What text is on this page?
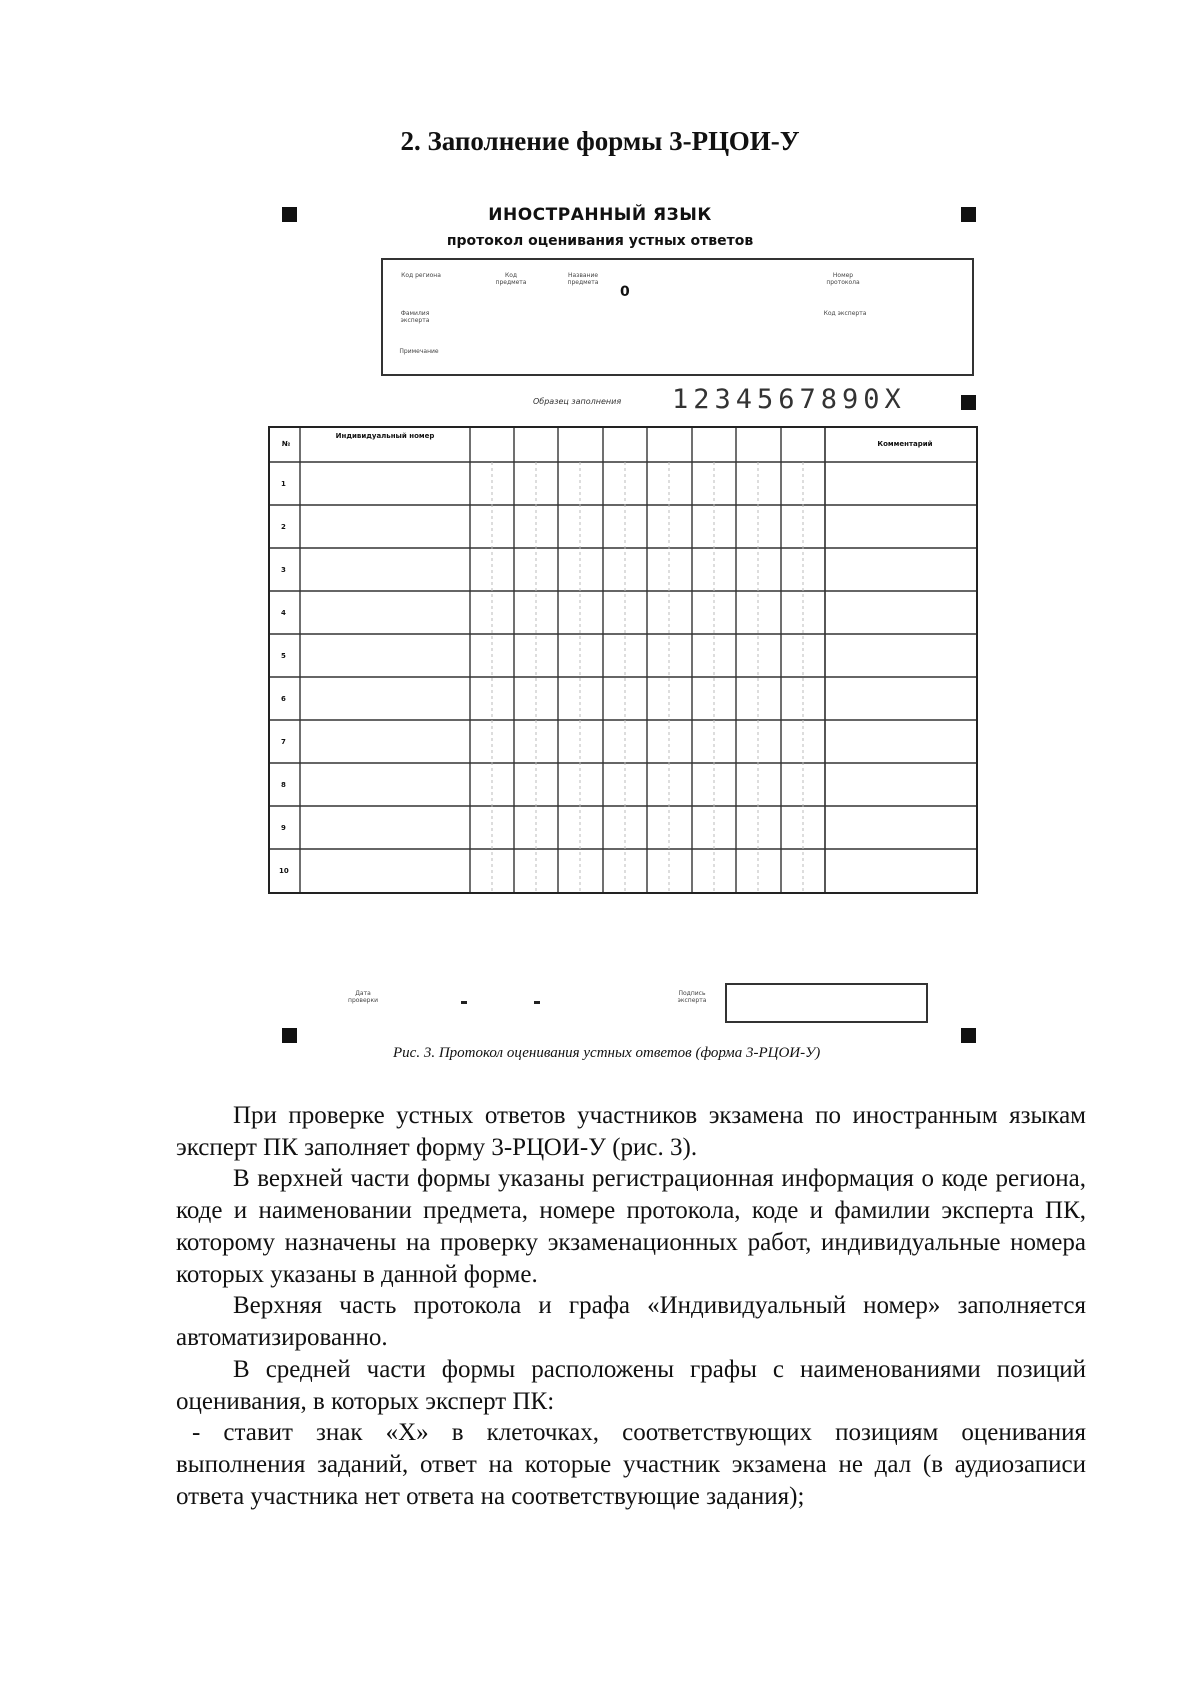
2. Заполнение формы 3-РЦОИ-У
ИНОСТРАННЫЙ ЯЗЫК
протокол оценивания устных ответов
Код региона	Код предмета
Название предмета
0
Номер протокола
Фамилия эксперта
Код эксперта
Примечание
Образец заполнения 1234567890X
№
Индивидуальный номер
Комментарий
1
2
3
4
5
6
7
8
9
10
Дата проверки
Подпись эксперта
Рис. 3. Протокол оценивания устных ответов (форма 3-РЦОИ-У)

При проверке устных ответов участников экзамена по иностранным языкам эксперт ПК заполняет форму 3-РЦОИ-У (рис. 3).

В верхней части формы указаны регистрационная информация о коде региона, коде и наименовании предмета, номере протокола, коде и фамилии эксперта ПК, которому назначены на проверку экзаменационных работ, индивидуальные номера которых указаны в данной форме.

Верхняя часть протокола и графа «Индивидуальный номер» заполняется автоматизированно.

В средней части формы расположены графы с наименованиями позиций оценивания, в которых эксперт ПК:

- ставит знак «X» в клеточках, соответствующих позициям оценивания выполнения заданий, ответ на которые участник экзамена не дал (в аудиозаписи ответа участника нет ответа на соответствующие задания);
